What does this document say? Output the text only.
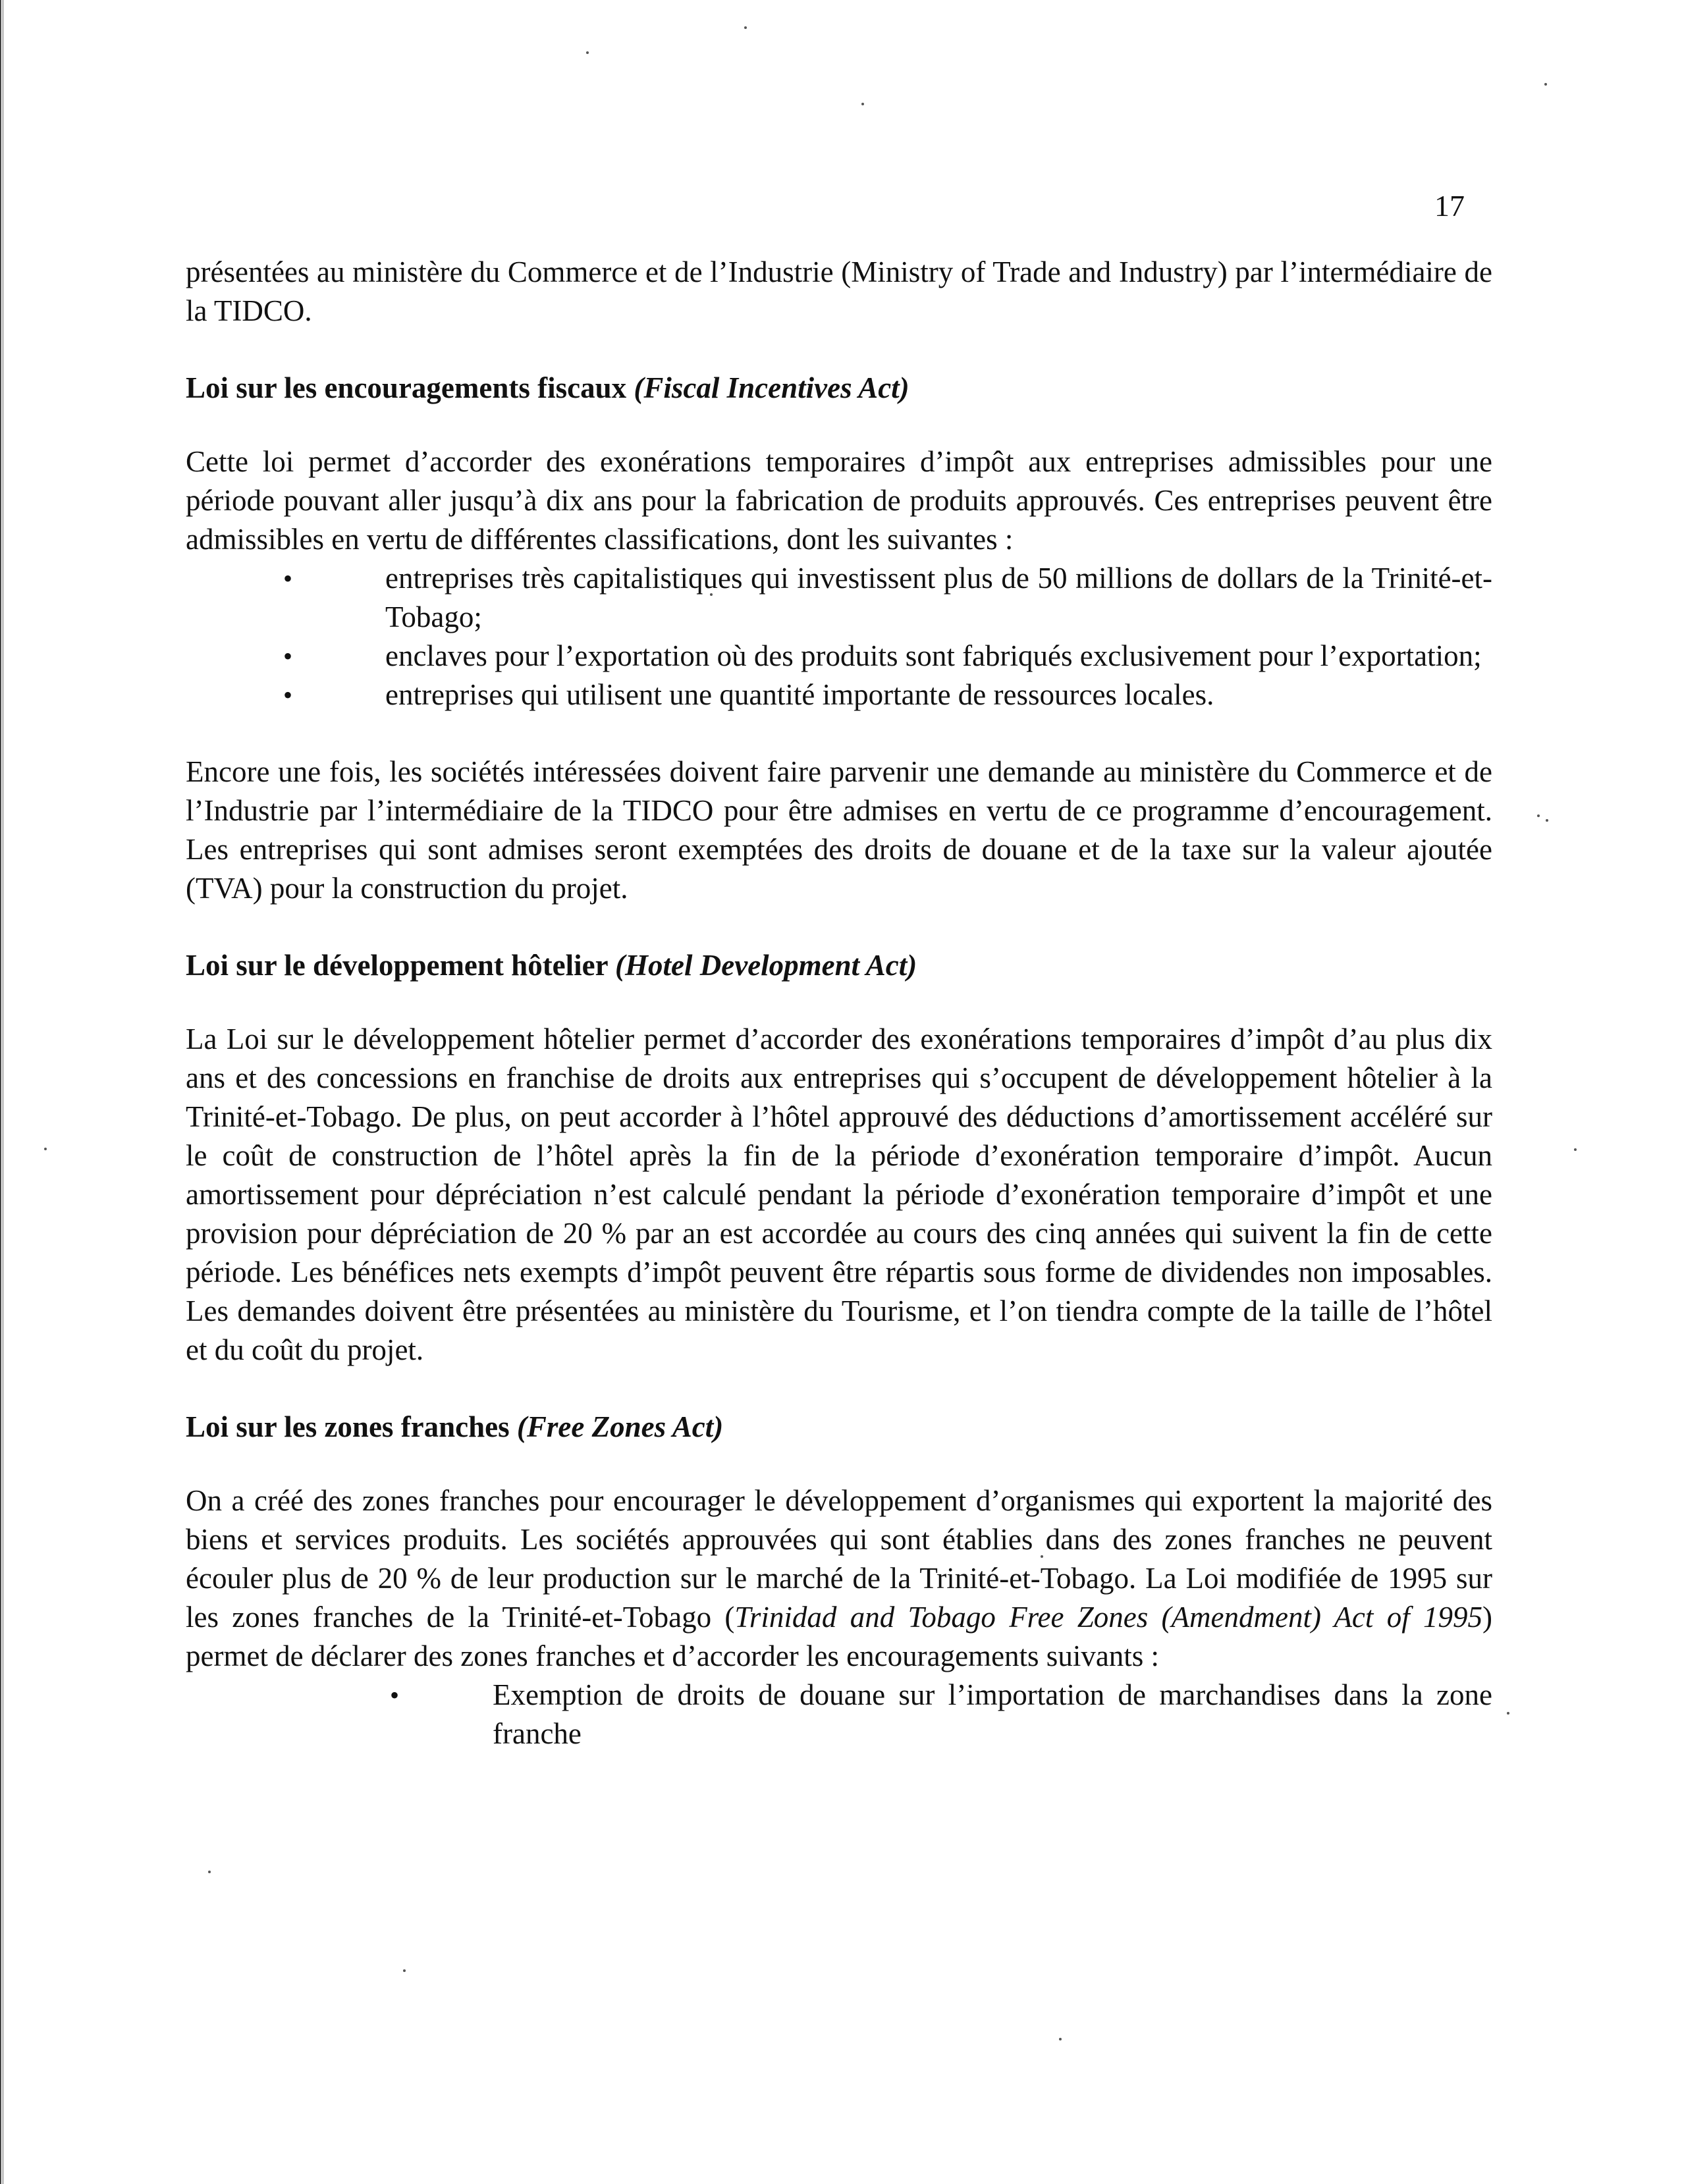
17

présentées au ministère du Commerce et de l’Industrie (Ministry of Trade and Industry) par l’intermédiaire de la TIDCO.

Loi sur les encouragements fiscaux (Fiscal Incentives Act)

Cette loi permet d’accorder des exonérations temporaires d’impôt aux entreprises admissibles pour une période pouvant aller jusqu’à dix ans pour la fabrication de produits approuvés. Ces entreprises peuvent être admissibles en vertu de différentes classifications, dont les suivantes :

•	entreprises très capitalistiques qui investissent plus de 50 millions de dollars de la Trinité-et-Tobago;
•	enclaves pour l’exportation où des produits sont fabriqués exclusivement pour l’exportation;
•	entreprises qui utilisent une quantité importante de ressources locales.

Encore une fois, les sociétés intéressées doivent faire parvenir une demande au ministère du Commerce et de l’Industrie par l’intermédiaire de la TIDCO pour être admises en vertu de ce programme d’encouragement. Les entreprises qui sont admises seront exemptées des droits de douane et de la taxe sur la valeur ajoutée (TVA) pour la construction du projet.

Loi sur le développement hôtelier (Hotel Development Act)

La Loi sur le développement hôtelier permet d’accorder des exonérations temporaires d’impôt d’au plus dix ans et des concessions en franchise de droits aux entreprises qui s’occupent de développement hôtelier à la Trinité-et-Tobago. De plus, on peut accorder à l’hôtel approuvé des déductions d’amortissement accéléré sur le coût de construction de l’hôtel après la fin de la période d’exonération temporaire d’impôt. Aucun amortissement pour dépréciation n’est calculé pendant la période d’exonération temporaire d’impôt et une provision pour dépréciation de 20 % par an est accordée au cours des cinq années qui suivent la fin de cette période. Les bénéfices nets exempts d’impôt peuvent être répartis sous forme de dividendes non imposables. Les demandes doivent être présentées au ministère du Tourisme, et l’on tiendra compte de la taille de l’hôtel et du coût du projet.

Loi sur les zones franches (Free Zones Act)

On a créé des zones franches pour encourager le développement d’organismes qui exportent la majorité des biens et services produits. Les sociétés approuvées qui sont établies dans des zones franches ne peuvent écouler plus de 20 % de leur production sur le marché de la Trinité-et-Tobago. La Loi modifiée de 1995 sur les zones franches de la Trinité-et-Tobago (Trinidad and Tobago Free Zones (Amendment) Act of 1995) permet de déclarer des zones franches et d’accorder les encouragements suivants :

•	Exemption de droits de douane sur l’importation de marchandises dans la zone franche
